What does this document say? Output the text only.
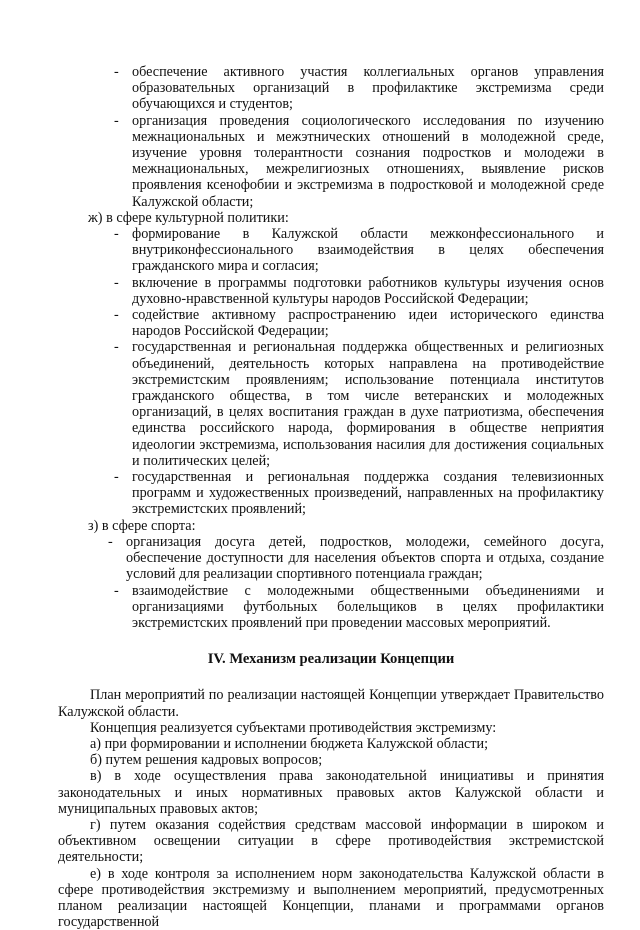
- обеспечение активного участия коллегиальных органов управления образовательных организаций в профилактике экстремизма среди обучающихся и студентов;
- организация проведения социологического исследования по изучению межнациональных и межэтнических отношений в молодежной среде, изучение уровня толерантности сознания подростков и молодежи в межнациональных, межрелигиозных отношениях, выявление рисков проявления ксенофобии и экстремизма в подростковой и молодежной среде Калужской области;
ж) в сфере культурной политики:
- формирование в Калужской области межконфессионального и внутриконфессионального взаимодействия в целях обеспечения гражданского мира и согласия;
- включение в программы подготовки работников культуры изучения основ духовно-нравственной культуры народов Российской Федерации;
- содействие активному распространению идеи исторического единства народов Российской Федерации;
- государственная и региональная поддержка общественных и религиозных объединений, деятельность которых направлена на противодействие экстремистским проявлениям; использование потенциала институтов гражданского общества, в том числе ветеранских и молодежных организаций, в целях воспитания граждан в духе патриотизма, обеспечения единства российского народа, формирования в обществе неприятия идеологии экстремизма, использования насилия для достижения социальных и политических целей;
- государственная и региональная поддержка создания телевизионных программ и художественных произведений, направленных на профилактику экстремистских проявлений;
з) в сфере спорта:
- организация досуга детей, подростков, молодежи, семейного досуга, обеспечение доступности для населения объектов спорта и отдыха, создание условий для реализации спортивного потенциала граждан;
- взаимодействие с молодежными общественными объединениями и организациями футбольных болельщиков в целях профилактики экстремистских проявлений при проведении массовых мероприятий.
IV. Механизм реализации Концепции
План мероприятий по реализации настоящей Концепции утверждает Правительство Калужской области.
Концепция реализуется субъектами противодействия экстремизму:
а) при формировании и исполнении бюджета Калужской области;
б) путем решения кадровых вопросов;
в) в ходе осуществления права законодательной инициативы и принятия законодательных и иных нормативных правовых актов Калужской области и муниципальных правовых актов;
г) путем оказания содействия средствам массовой информации в широком и объективном освещении ситуации в сфере противодействия экстремистской деятельности;
е) в ходе контроля за исполнением норм законодательства Калужской области в сфере противодействия экстремизму и выполнением мероприятий, предусмотренных планом реализации настоящей Концепции, планами и программами органов государственной
